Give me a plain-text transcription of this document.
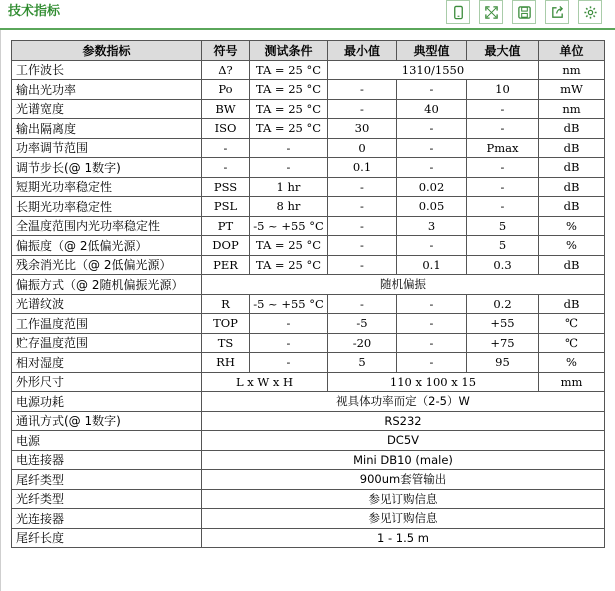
技术指标
参数指标	符号	测试条件	最小值	典型值	最大值	单位
工作波长	Δ?	TA = 25 °C	1310/1550			nm
输出光功率	Po	TA = 25 °C	-	-	10	mW
光谱宽度	BW	TA = 25 °C	-	40	-	nm
输出隔离度	ISO	TA = 25 °C	30	-	-	dB
功率调节范围	-	-	0	-	Pmax	dB
调节步长(@ 1数字)	-	-	0.1	-	-	dB
短期光功率稳定性	PSS	1 hr	-	0.02	-	dB
长期光功率稳定性	PSL	8 hr	-	0.05	-	dB
全温度范围内光功率稳定性	PT	-5 ~ +55 °C	-	3	5	%
偏振度（@ 2低偏光源）	DOP	TA = 25 °C	-	-	5	%
残余消光比（@ 2低偏光源）	PER	TA = 25 °C	-	0.1	0.3	dB
偏振方式（@ 2随机偏振光源）	随机偏振					
光谱纹波	R	-5 ~ +55 °C	-	-	0.2	dB
工作温度范围	TOP	-	-5	-	+55	℃
贮存温度范围	TS	-	-20	-	+75	℃
相对湿度	RH	-	5	-	95	%
外形尺寸	L x W x H		110 x 100 x 15			mm
电源功耗	视具体功率而定（2-5）W					
通讯方式(@ 1数字)	RS232					
电源	DC5V					
电连接器	Mini DB10 (male)					
尾纤类型	900um套管输出					
光纤类型	参见订购信息					
光连接器	参见订购信息					
尾纤长度	1 - 1.5 m					
